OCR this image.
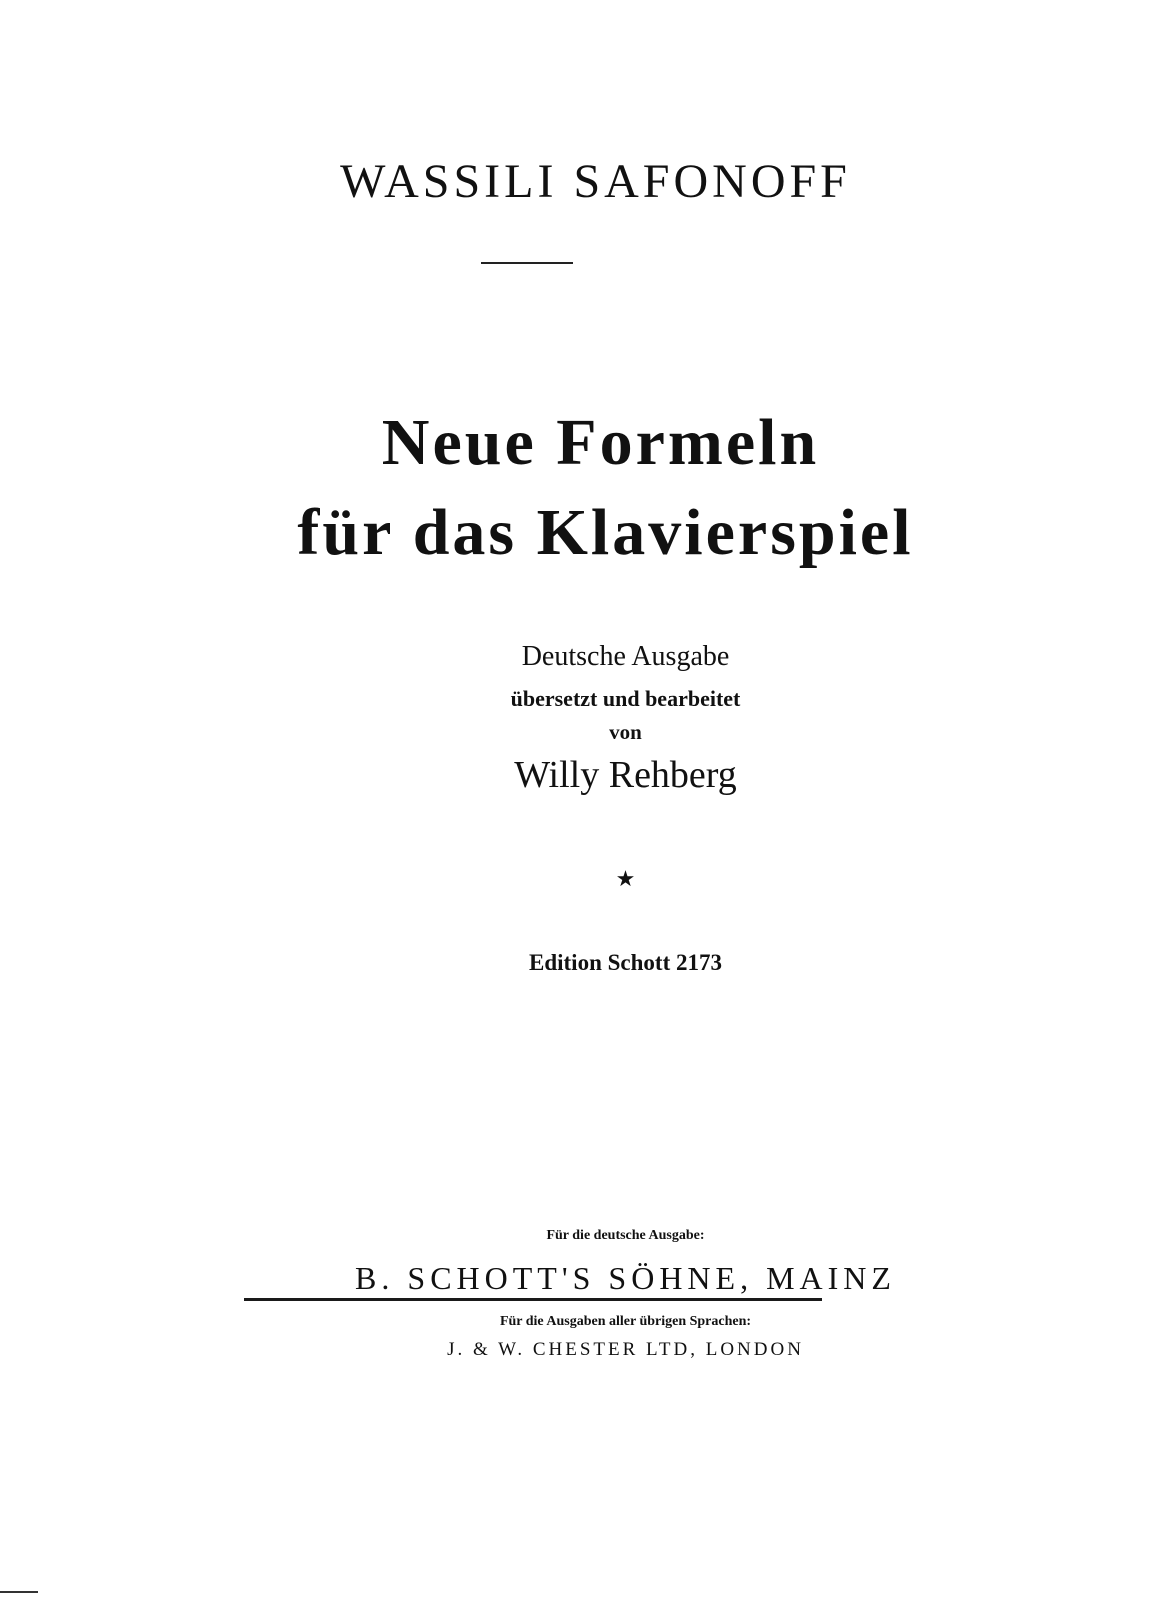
WASSILI SAFONOFF
Neue Formeln
für das Klavierspiel
Deutsche Ausgabe
übersetzt und bearbeitet
von
Willy Rehberg
★
Edition Schott 2173
Für die deutsche Ausgabe:
B. SCHOTT'S SÖHNE, MAINZ
Für die Ausgaben aller übrigen Sprachen:
J. & W. CHESTER LTD, LONDON
